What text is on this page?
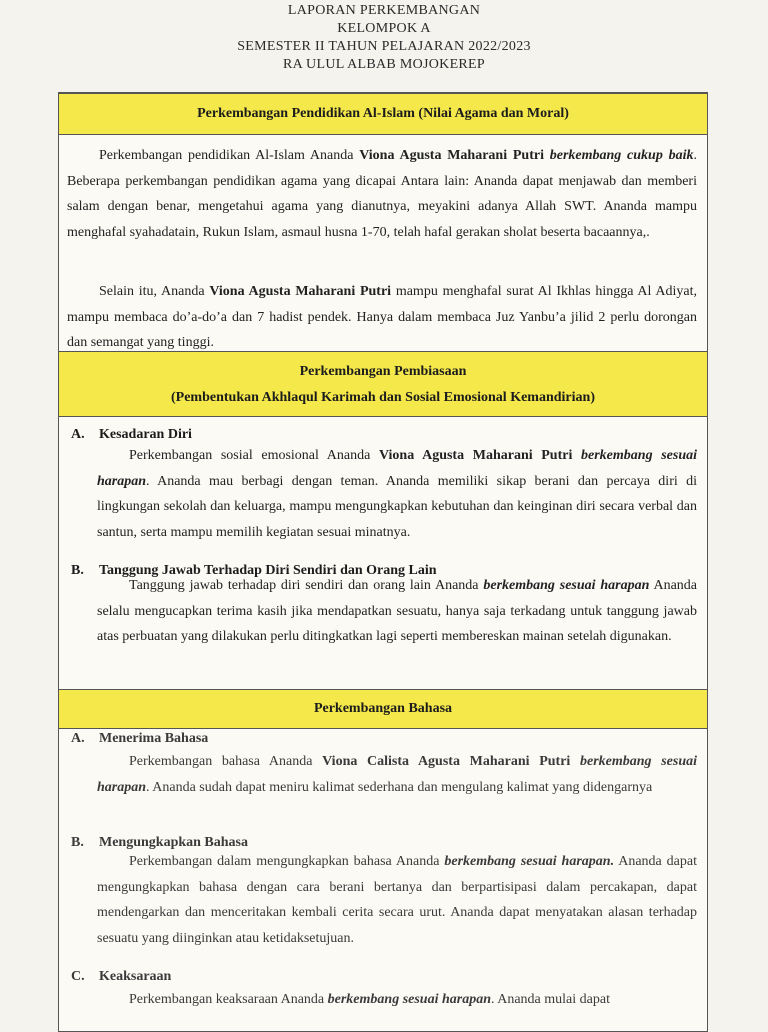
LAPORAN PERKEMBANGAN
KELOMPOK A
SEMESTER II TAHUN PELAJARAN 2022/2023
RA ULUL ALBAB MOJOKEREP
Perkembangan Pendidikan Al-Islam (Nilai Agama dan Moral)
Perkembangan pendidikan Al-Islam Ananda Viona Agusta Maharani Putri berkembang cukup baik. Beberapa perkembangan pendidikan agama yang dicapai Antara lain: Ananda dapat menjawab dan memberi salam dengan benar, mengetahui agama yang dianutnya, meyakini adanya Allah SWT. Ananda mampu menghafal syahadatain, Rukun Islam, asmaul husna 1-70, telah hafal gerakan sholat beserta bacaannya,.
Selain itu, Ananda Viona Agusta Maharani Putri mampu menghafal surat Al Ikhlas hingga Al Adiyat, mampu membaca do’a-do’a dan 7 hadist pendek. Hanya dalam membaca Juz Yanbu’a jilid 2 perlu dorongan dan semangat yang tinggi.
Perkembangan Pembiasaan
(Pembentukan Akhlaqul Karimah dan Sosial Emosional Kemandirian)
A. Kesadaran Diri
Perkembangan sosial emosional Ananda Viona Agusta Maharani Putri berkembang sesuai harapan. Ananda mau berbagi dengan teman. Ananda memiliki sikap berani dan percaya diri di lingkungan sekolah dan keluarga, mampu mengungkapkan kebutuhan dan keinginan diri secara verbal dan santun, serta mampu memilih kegiatan sesuai minatnya.
B. Tanggung Jawab Terhadap Diri Sendiri dan Orang Lain
Tanggung jawab terhadap diri sendiri dan orang lain Ananda berkembang sesuai harapan Ananda selalu mengucapkan terima kasih jika mendapatkan sesuatu, hanya saja terkadang untuk tanggung jawab atas perbuatan yang dilakukan perlu ditingkatkan lagi seperti membereskan mainan setelah digunakan.
Perkembangan Bahasa
A. Menerima Bahasa
Perkembangan bahasa Ananda Viona Calista Agusta Maharani Putri berkembang sesuai harapan. Ananda sudah dapat meniru kalimat sederhana dan mengulang kalimat yang didengarnya
B. Mengungkapkan Bahasa
Perkembangan dalam mengungkapkan bahasa Ananda berkembang sesuai harapan. Ananda dapat mengungkapkan bahasa dengan cara berani bertanya dan berpartisipasi dalam percakapan, dapat mendengarkan dan menceritakan kembali cerita secara urut. Ananda dapat menyatakan alasan terhadap sesuatu yang diinginkan atau ketidaksetujuan.
C. Keaksaraan
Perkembangan keaksaraan Ananda berkembang sesuai harapan. Ananda mulai dapat
